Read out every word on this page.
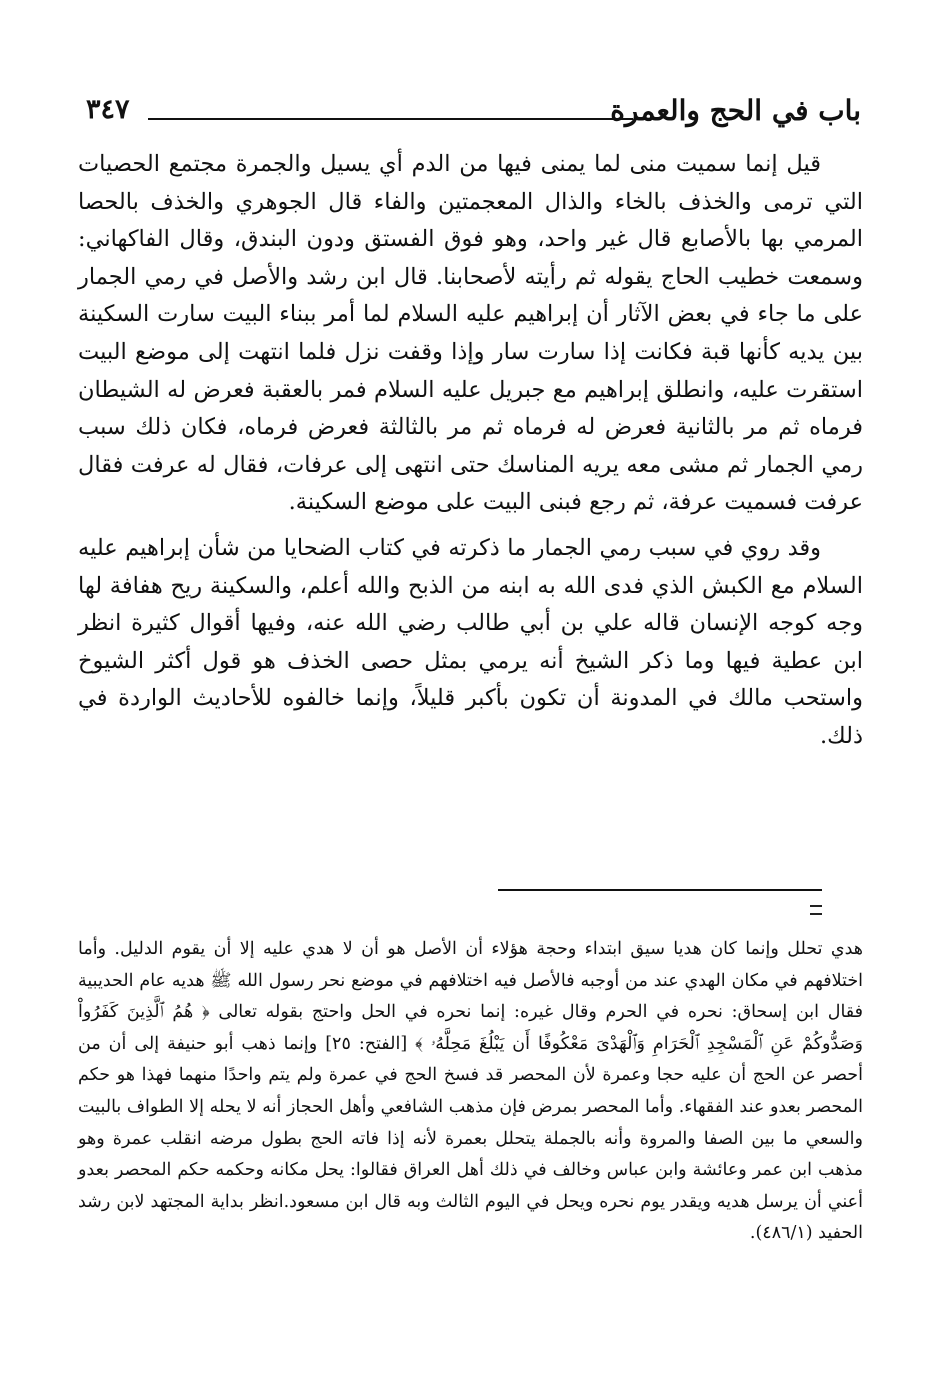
باب في الحج والعمرة
٣٤٧

قيل إنما سميت منى لما يمنى فيها من الدم أي يسيل والجمرة مجتمع الحصيات التي ترمى والخذف بالخاء والذال المعجمتين والفاء قال الجوهري والخذف بالحصا المرمي بها بالأصابع قال غير واحد، وهو فوق الفستق ودون البندق، وقال الفاكهاني: وسمعت خطيب الحاج يقوله ثم رأيته لأصحابنا. قال ابن رشد والأصل في رمي الجمار على ما جاء في بعض الآثار أن إبراهيم عليه السلام لما أمر ببناء البيت سارت السكينة بين يديه كأنها قبة فكانت إذا سارت سار وإذا وقفت نزل فلما انتهت إلى موضع البيت استقرت عليه، وانطلق إبراهيم مع جبريل عليه السلام فمر بالعقبة فعرض له الشيطان فرماه ثم مر بالثانية فعرض له فرماه ثم مر بالثالثة فعرض فرماه، فكان ذلك سبب رمي الجمار ثم مشى معه يريه المناسك حتى انتهى إلى عرفات، فقال له عرفت فقال عرفت فسميت عرفة، ثم رجع فبنى البيت على موضع السكينة.

وقد روي في سبب رمي الجمار ما ذكرته في كتاب الضحايا من شأن إبراهيم عليه السلام مع الكبش الذي فدى الله به ابنه من الذبح والله أعلم، والسكينة ريح هفافة لها وجه كوجه الإنسان قاله علي بن أبي طالب رضي الله عنه، وفيها أقوال كثيرة انظر ابن عطية فيها وما ذكر الشيخ أنه يرمي بمثل حصى الخذف هو قول أكثر الشيوخ واستحب مالك في المدونة أن تكون بأكبر قليلاً، وإنما خالفوه للأحاديث الواردة في ذلك.

هدي تحلل وإنما كان هديا سيق ابتداء وحجة هؤلاء أن الأصل هو أن لا هدي عليه إلا أن يقوم الدليل. وأما اختلافهم في مكان الهدي عند من أوجبه فالأصل فيه اختلافهم في موضع نحر رسول الله ﷺ هديه عام الحديبية فقال ابن إسحاق: نحره في الحرم وقال غيره: إنما نحره في الحل واحتج بقوله تعالى ﴿ هُمُ ٱلَّذِينَ كَفَرُواْ وَصَدُّوكُمْ عَنِ ٱلْمَسْجِدِ ٱلْحَرَامِ وَٱلْهَدْىَ مَعْكُوفًا أَن يَبْلُغَ مَحِلَّهُۥ ﴾ [الفتح: ٢٥] وإنما ذهب أبو حنيفة إلى أن من أحصر عن الحج أن عليه حجا وعمرة لأن المحصر قد فسخ الحج في عمرة ولم يتم واحدًا منهما فهذا هو حكم المحصر بعدو عند الفقهاء. وأما المحصر بمرض فإن مذهب الشافعي وأهل الحجاز أنه لا يحله إلا الطواف بالبيت والسعي ما بين الصفا والمروة وأنه بالجملة يتحلل بعمرة لأنه إذا فاته الحج بطول مرضه انقلب عمرة وهو مذهب ابن عمر وعائشة وابن عباس وخالف في ذلك أهل العراق فقالوا: يحل مكانه وحكمه حكم المحصر بعدو أعني أن يرسل هديه ويقدر يوم نحره ويحل في اليوم الثالث وبه قال ابن مسعود.انظر بداية المجتهد لابن رشد الحفيد (٤٨٦/١).
